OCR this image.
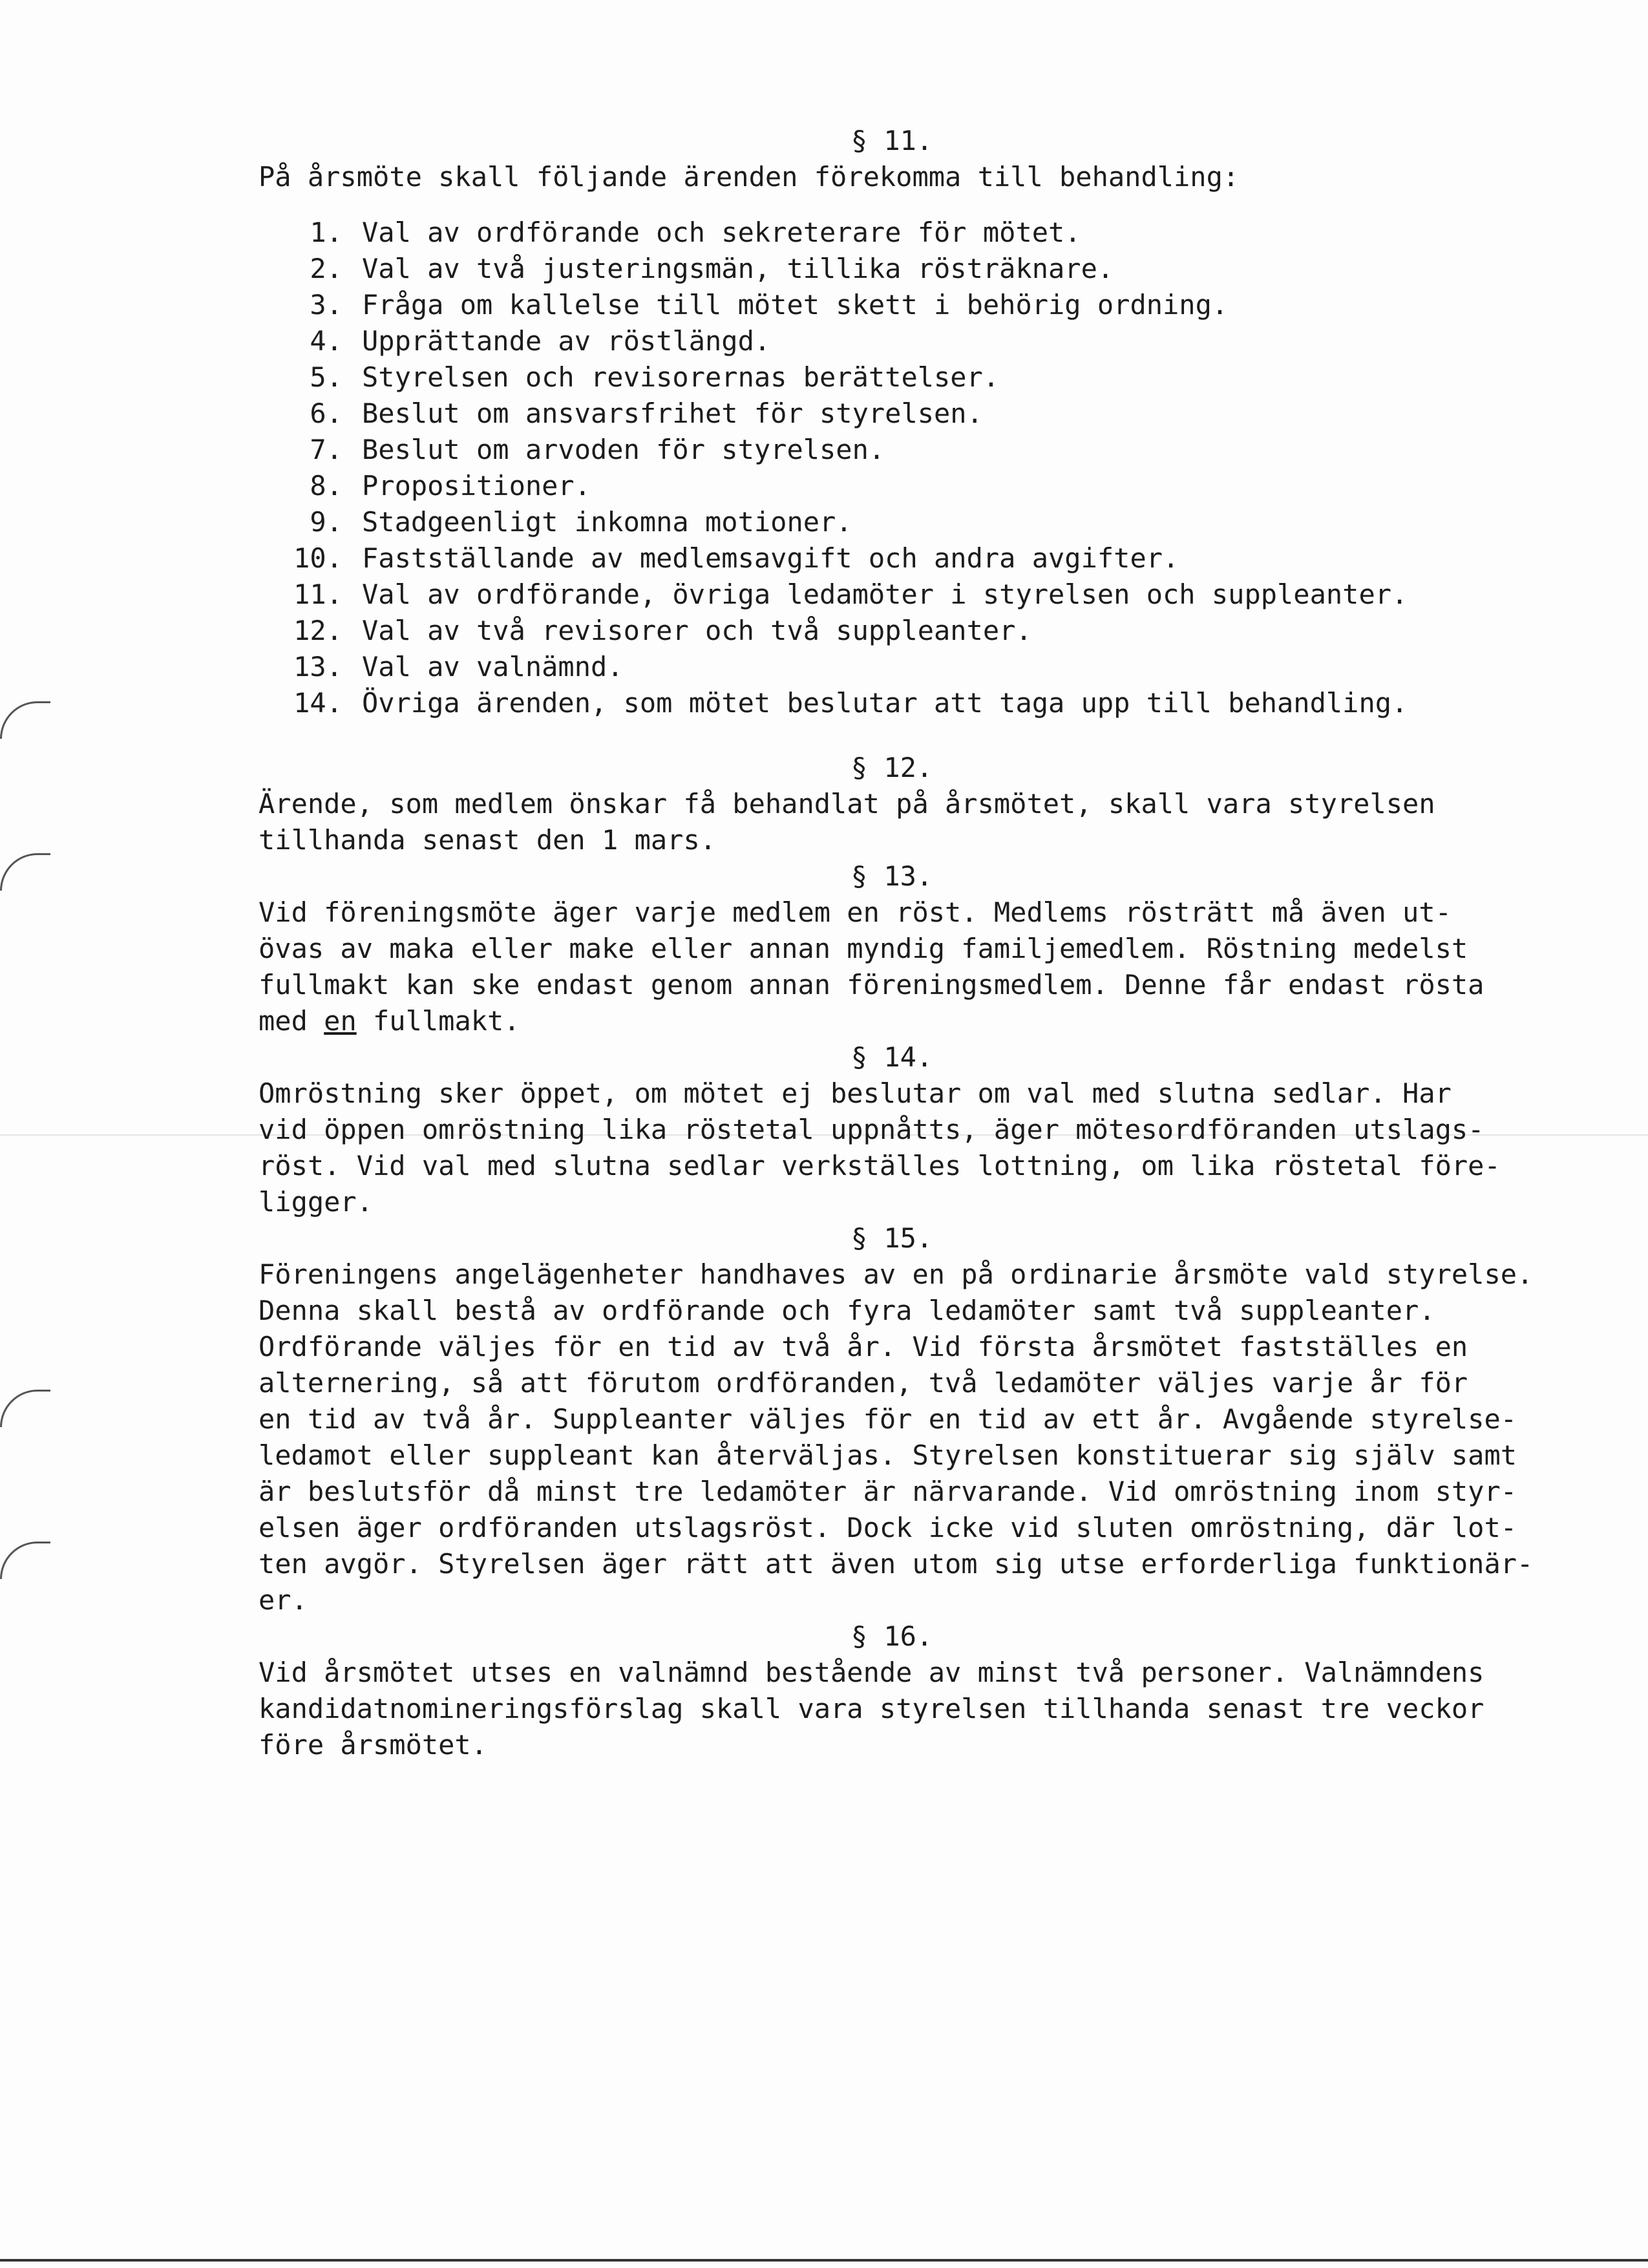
§ 11.
På årsmöte skall följande ärenden förekomma till behandling:
1. Val av ordförande och sekreterare för mötet.
2. Val av två justeringsmän, tillika rösträknare.
3. Fråga om kallelse till mötet skett i behörig ordning.
4. Upprättande av röstlängd.
5. Styrelsen och revisorernas berättelser.
6. Beslut om ansvarsfrihet för styrelsen.
7. Beslut om arvoden för styrelsen.
8. Propositioner.
9. Stadgeenligt inkomna motioner.
10. Fastställande av medlemsavgift och andra avgifter.
11. Val av ordförande, övriga ledamöter i styrelsen och suppleanter.
12. Val av två revisorer och två suppleanter.
13. Val av valnämnd.
14. Övriga ärenden, som mötet beslutar att taga upp till behandling.
§ 12.
Ärende, som medlem önskar få behandlat på årsmötet, skall vara styrelsen
tillhanda senast den 1 mars.
§ 13.
Vid föreningsmöte äger varje medlem en röst. Medlems rösträtt må även ut-
övas av maka eller make eller annan myndig familjemedlem. Röstning medelst
fullmakt kan ske endast genom annan föreningsmedlem. Denne får endast rösta
med en fullmakt.
§ 14.
Omröstning sker öppet, om mötet ej beslutar om val med slutna sedlar. Har
vid öppen omröstning lika röstetal uppnåtts, äger mötesordföranden utslags-
röst. Vid val med slutna sedlar verkställes lottning, om lika röstetal före-
ligger.
§ 15.
Föreningens angelägenheter handhaves av en på ordinarie årsmöte vald styrelse.
Denna skall bestå av ordförande och fyra ledamöter samt två suppleanter.
Ordförande väljes för en tid av två år. Vid första årsmötet fastställes en
alternering, så att förutom ordföranden, två ledamöter väljes varje år för
en tid av två år. Suppleanter väljes för en tid av ett år. Avgående styrelse-
ledamot eller suppleant kan återväljas. Styrelsen konstituerar sig själv samt
är beslutsför då minst tre ledamöter är närvarande. Vid omröstning inom styr-
elsen äger ordföranden utslagsröst. Dock icke vid sluten omröstning, där lot-
ten avgör. Styrelsen äger rätt att även utom sig utse erforderliga funktionär-
er.
§ 16.
Vid årsmötet utses en valnämnd bestående av minst två personer. Valnämndens
kandidatnomineringsförslag skall vara styrelsen tillhanda senast tre veckor
före årsmötet.
